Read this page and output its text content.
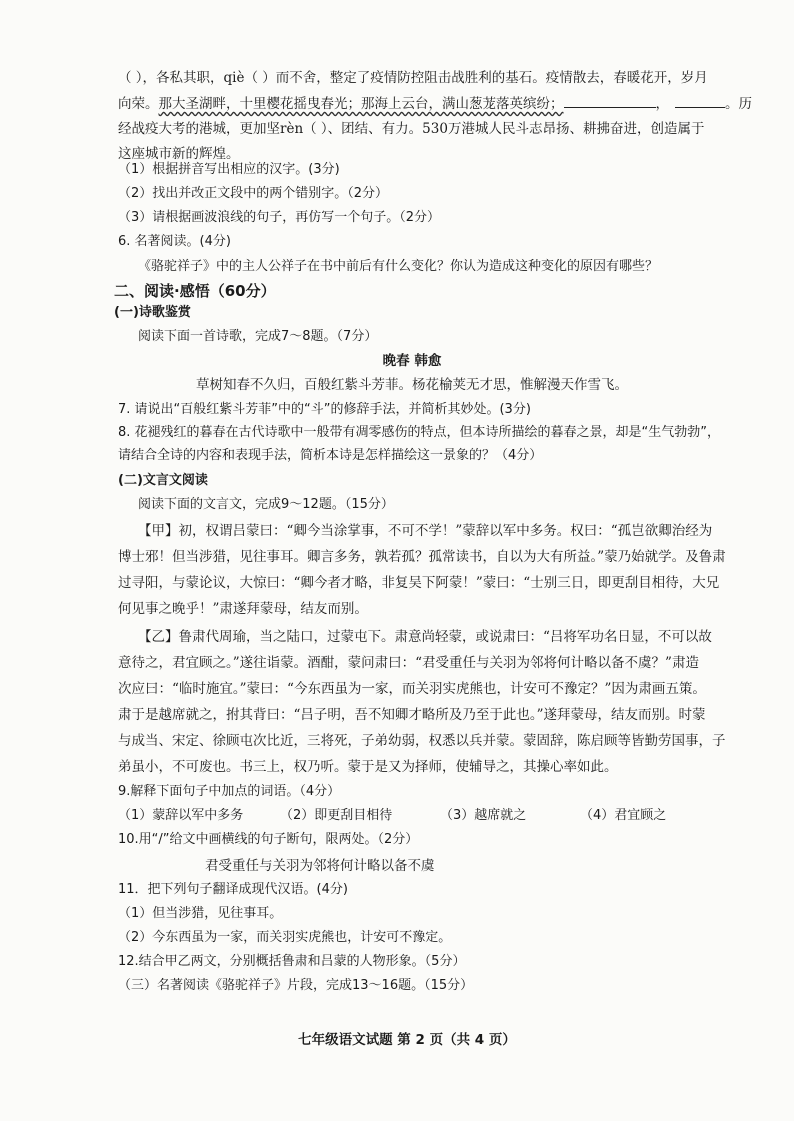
（ ），各私其职，qiè（ ）而不舍，整定了疫情防控阻击战胜利的基石。疫情散去，春暖花开，岁月
向荣。那大圣湖畔，十里樱花摇曳春光；那海上云台，满山葱茏落英缤纷；	，	。历
经战疫大考的港城，更加坚rèn（ ）、团结、有力。530万港城人民斗志昂扬、耕拂奋进，创造属于
这座城市新的辉煌。
（1）根据拼音写出相应的汉字。(3分)
（2）找出并改正文段中的两个错别字。（2分）
（3）请根据画波浪线的句子，再仿写一个句子。（2分）
6. 名著阅读。(4分)
《骆驼祥子》中的主人公祥子在书中前后有什么变化？你认为造成这种变化的原因有哪些？
二、阅读·感悟（60分）
(一)诗歌鉴赏
阅读下面一首诗歌，完成7～8题。（7分）
晚春 韩愈
草树知春不久归，百般红紫斗芳菲。杨花榆荚无才思，惟解漫天作雪飞。
7. 请说出“百般红紫斗芳菲”中的“斗”的修辞手法，并简析其妙处。(3分)
8. 花褪残红的暮春在古代诗歌中一般带有凋零感伤的特点，但本诗所描绘的暮春之景，却是“生气勃勃”，
请结合全诗的内容和表现手法，简析本诗是怎样描绘这一景象的？（4分）
(二)文言文阅读
阅读下面的文言文，完成9～12题。（15分）
【甲】初，权谓吕蒙曰：“卿今当涂掌事，不可不学！”蒙辞以军中多务。权曰：“孤岂欲卿治经为
博士邪！但当涉猎，见往事耳。卿言多务，孰若孤？孤常读书，自以为大有所益。”蒙乃始就学。及鲁肃
过寻阳，与蒙论议，大惊曰：“卿今者才略，非复吴下阿蒙！”蒙曰：“士别三日，即更刮目相待，大兄
何见事之晚乎！”肃遂拜蒙母，结友而别。
【乙】鲁肃代周瑜，当之陆口，过蒙屯下。肃意尚轻蒙，或说肃曰：“吕将军功名日显，不可以故
意待之，君宜顾之。”遂往诣蒙。酒酣，蒙问肃曰：“君受重任与关羽为邻将何计略以备不虞？”肃造
次应曰：“临时施宜。”蒙曰：“今东西虽为一家，而关羽实虎熊也，计安可不豫定？”因为肃画五策。
肃于是越席就之，拊其背曰：“吕子明，吾不知卿才略所及乃至于此也。”遂拜蒙母，结友而别。时蒙
与成当、宋定、徐顾屯次比近，三将死，子弟幼弱，权悉以兵并蒙。蒙固辞，陈启顾等皆勤劳国事，子
弟虽小，不可废也。书三上，权乃听。蒙于是又为择师，使辅导之，其操心率如此。
9.解释下面句子中加点的词语。（4分）
（1）蒙辞以军中多务	（2）即更刮目相待	（3）越席就之	（4）君宜顾之
10.用“/”给文中画横线的句子断句，限两处。（2分）
君受重任与关羽为邻将何计略以备不虞
11．把下列句子翻译成现代汉语。(4分)
（1）但当涉猎，见往事耳。
（2）今东西虽为一家，而关羽实虎熊也，计安可不豫定。
12.结合甲乙两文，分别概括鲁肃和吕蒙的人物形象。（5分）
（三）名著阅读《骆驼祥子》片段，完成13～16题。（15分）
七年级语文试题 第 2 页（共 4 页）
